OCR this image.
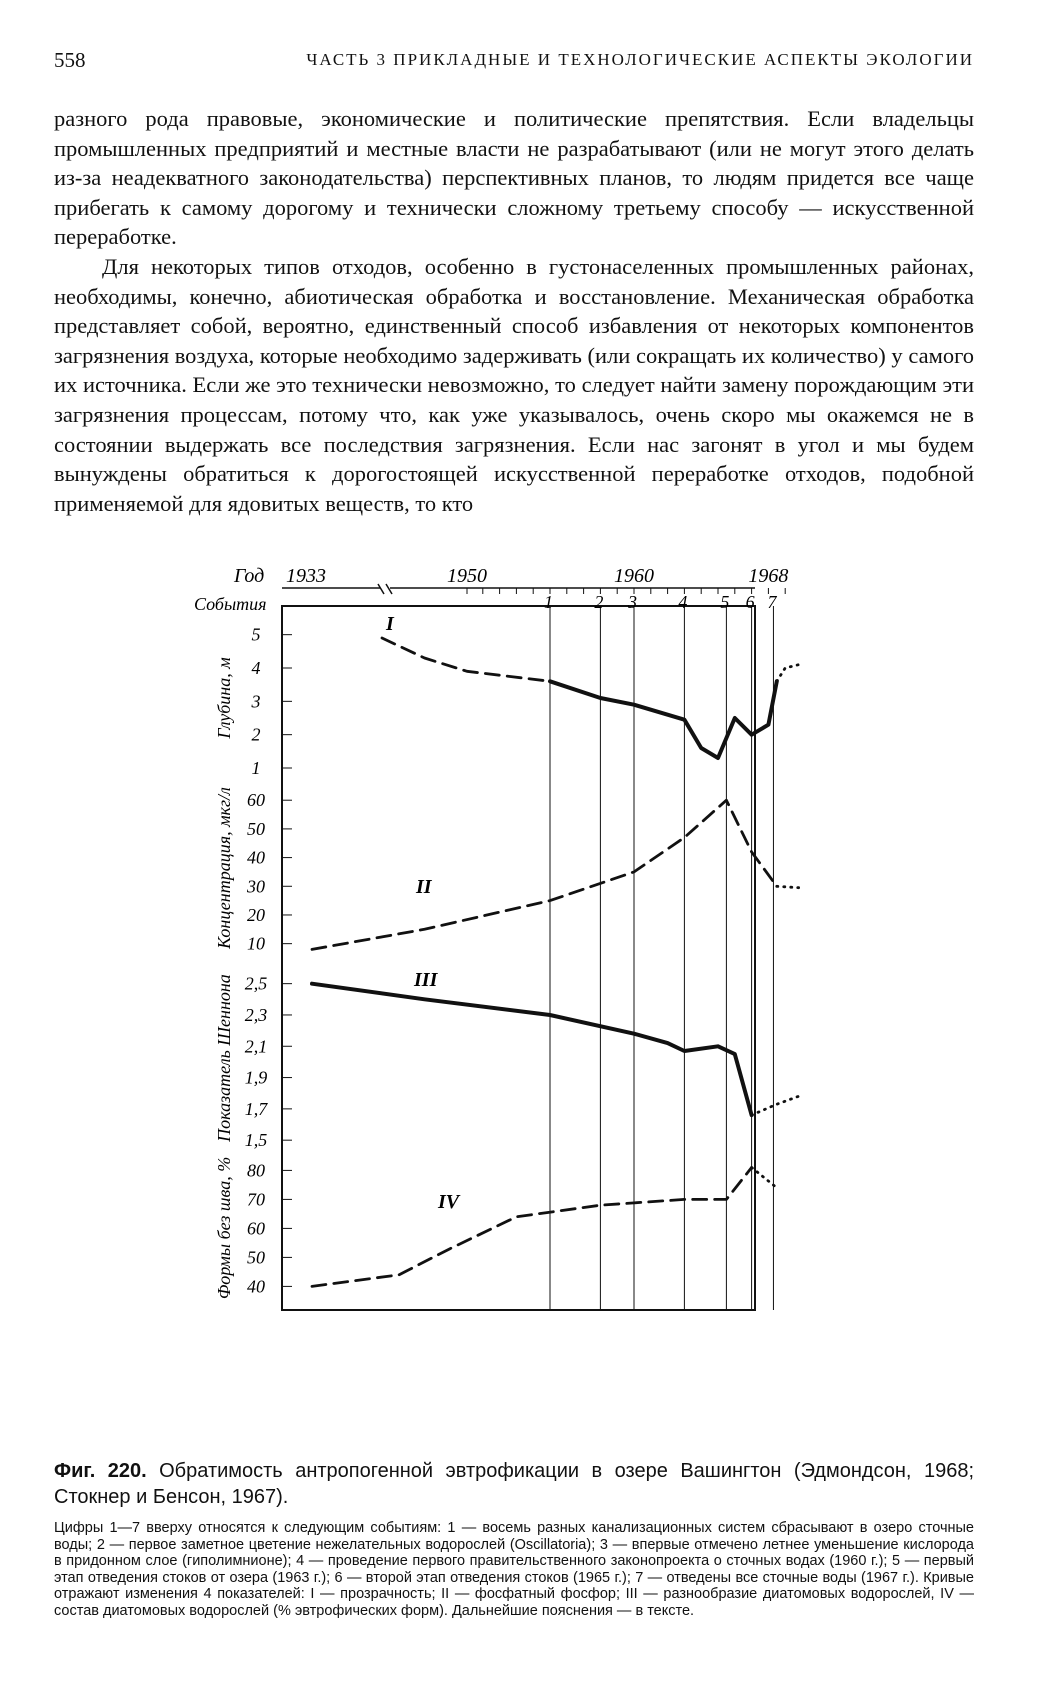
558	ЧАСТЬ 3 ПРИКЛАДНЫЕ И ТЕХНОЛОГИЧЕСКИЕ АСПЕКТЫ ЭКОЛОГИИ

разного рода правовые, экономические и политические препятствия. Если владельцы промышленных предприятий и местные власти не разрабатывают (или не могут этого делать из-за неадекватного законодательства) перспективных планов, то людям придется все чаще прибегать к самому дорогому и технически сложному третьему способу — искусственной переработке.

Для некоторых типов отходов, особенно в густонаселенных промышленных районах, необходимы, конечно, абиотическая обработка и восстановление. Механическая обработка представляет собой, вероятно, единственный способ избавления от некоторых компонентов загрязнения воздуха, которые необходимо задерживать (или сокращать их количество) у самого их источника. Если же это технически невозможно, то следует найти замену порождающим эти загрязнения процессам, потому что, как уже указывалось, очень скоро мы окажемся не в состоянии выдержать все последствия загрязнения. Если нас загонят в угол и мы будем вынуждены обратиться к дорогостоящей искусственной переработке отходов, подобной применяемой для ядовитых веществ, то кто

Год 1933	1950	1960	1968
События	1 2 3 4 5 6 7
Глубина, м
5
4
3
2
1
I
Концентрация, мкг/л 60
50
40
30
20
10
II
Показатель Шеннона 2,5
2,3
2,1
1,9
1,7
1,5
III
Формы без шва, % 80
70
60
50
40
IV
Фиг. 220. Обратимость антропогенной эвтрофикации в озере Вашингтон (Эдмондсон, 1968; Стокнер и Бенсон, 1967).
Цифры 1—7 вверху относятся к следующим событиям: 1 — восемь разных канализационных систем сбрасывают в озеро сточные воды; 2 — первое заметное цветение нежелательных водорослей (Oscillatoria); 3 — впервые отмечено летнее уменьшение кислорода в придонном слое (гиполимнионе); 4 — проведение первого правительственного законопроекта о сточных водах (1960 г.); 5 — первый этап отведения стоков от озера (1963 г.); 6 — второй этап отведения стоков (1965 г.); 7 — отведены все сточные воды (1967 г.). Кривые отражают изменения 4 показателей: I — прозрачность; II — фосфатный фосфор; III — разнообразие диатомовых водорослей, IV — состав диатомовых водорослей (% эвтрофических форм). Дальнейшие пояснения — в тексте.
